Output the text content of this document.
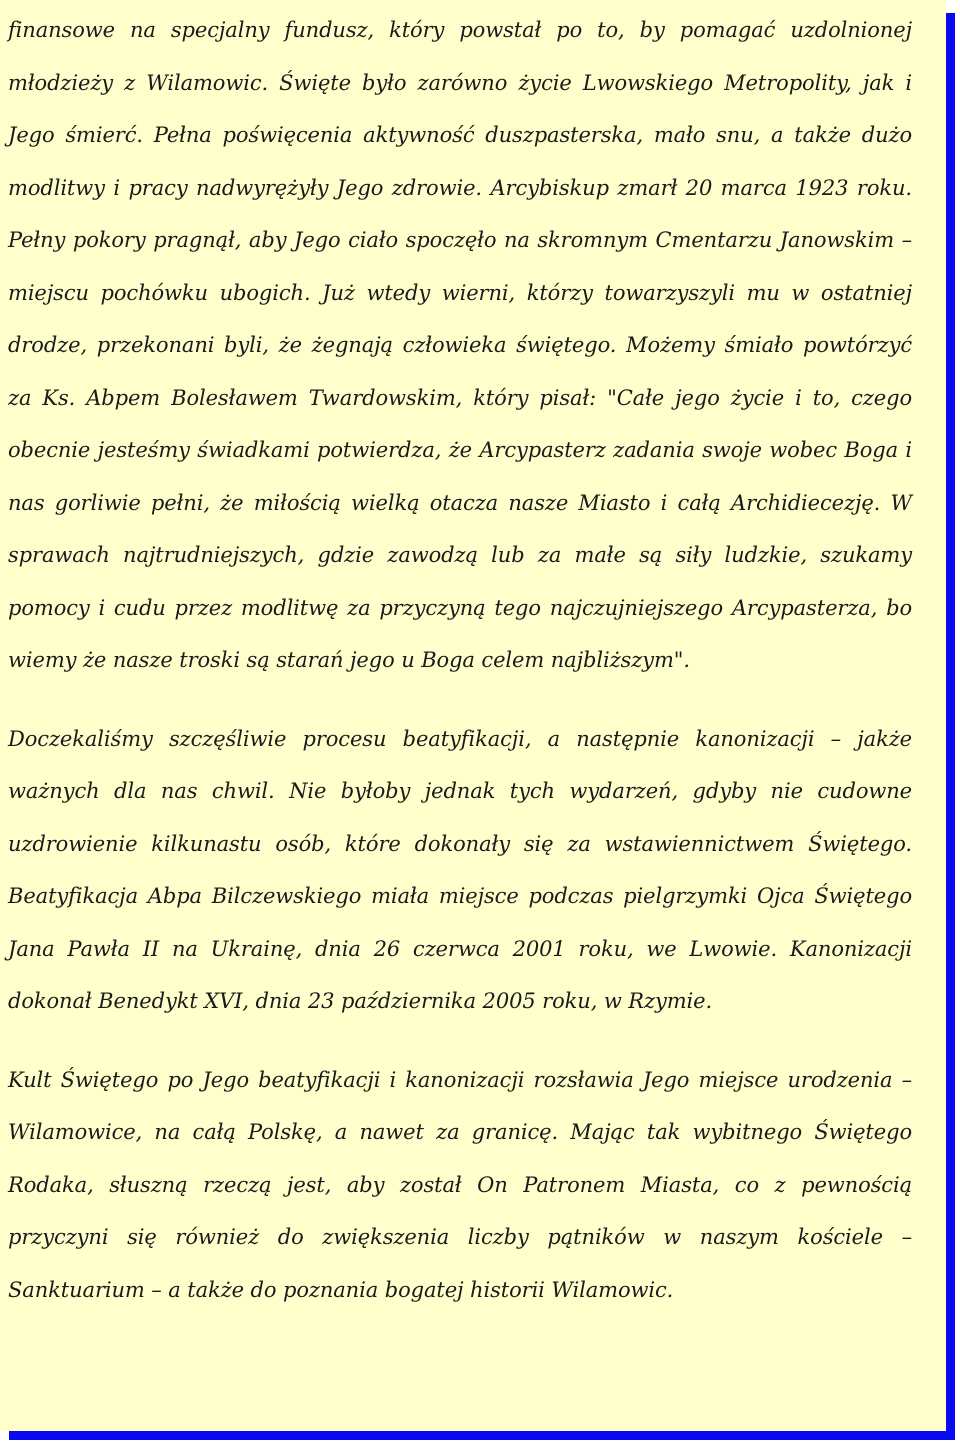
finansowe na specjalny fundusz, który powstał po to, by pomagać uzdolnionej młodzieży z Wilamowic. Święte było zarówno życie Lwowskiego Metropolity, jak i Jego śmierć. Pełna poświęcenia aktywność duszpasterska, mało snu, a także dużo modlitwy i pracy nadwyrężyły Jego zdrowie. Arcybiskup zmarł 20 marca 1923 roku. Pełny pokory pragnął, aby Jego ciało spoczęło na skromnym Cmentarzu Janowskim – miejscu pochówku ubogich. Już wtedy wierni, którzy towarzyszyli mu w ostatniej drodze, przekonani byli, że żegnają człowieka świętego. Możemy śmiało powtórzyć za Ks. Abpem Bolesławem Twardowskim, który pisał: "Całe jego życie i to, czego obecnie jesteśmy świadkami potwierdza, że Arcypasterz zadania swoje wobec Boga i nas gorliwie pełni, że miłością wielką otacza nasze Miasto i całą Archidiecezję. W sprawach najtrudniejszych, gdzie zawodzą lub za małe są siły ludzkie, szukamy pomocy i cudu przez modlitwę za przyczyną tego najczujniejszego Arcypasterza, bo wiemy że nasze troski są starań jego u Boga celem najbliższym".

Doczekaliśmy szczęśliwie procesu beatyfikacji, a następnie kanonizacji – jakże ważnych dla nas chwil. Nie byłoby jednak tych wydarzeń, gdyby nie cudowne uzdrowienie kilkunastu osób, które dokonały się za wstawiennictwem Świętego. Beatyfikacja Abpa Bilczewskiego miała miejsce podczas pielgrzymki Ojca Świętego Jana Pawła II na Ukrainę, dnia 26 czerwca 2001 roku, we Lwowie. Kanonizacji dokonał Benedykt XVI, dnia 23 października 2005 roku, w Rzymie.

Kult Świętego po Jego beatyfikacji i kanonizacji rozsławia Jego miejsce urodzenia – Wilamowice, na całą Polskę, a nawet za granicę. Mając tak wybitnego Świętego Rodaka, słuszną rzeczą jest, aby został On Patronem Miasta, co z pewnością przyczyni się również do zwiększenia liczby pątników w naszym kościele – Sanktuarium – a także do poznania bogatej historii Wilamowic.
